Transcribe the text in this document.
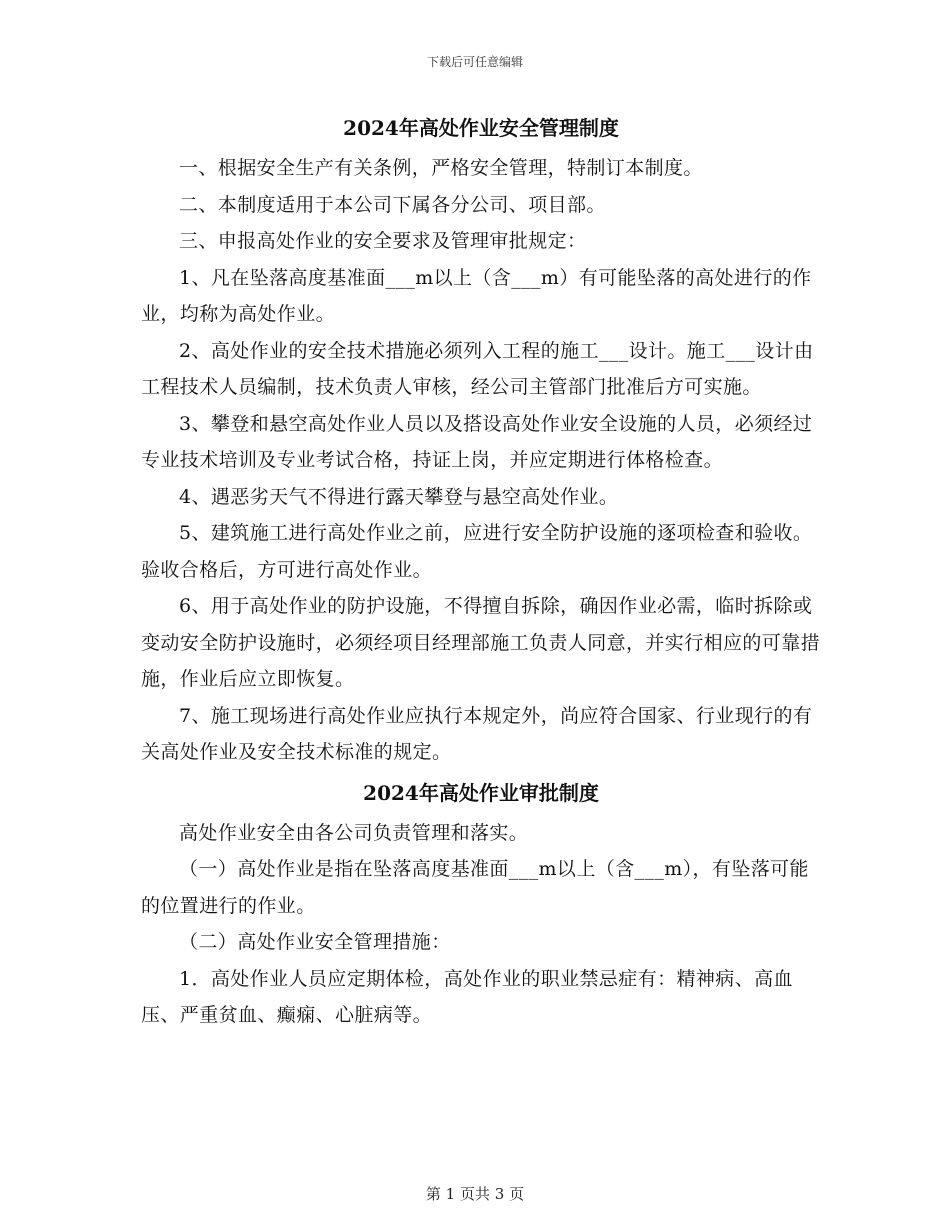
下载后可任意编辑
2024年高处作业安全管理制度

一、根据安全生产有关条例，严格安全管理，特制订本制度。

二、本制度适用于本公司下属各分公司、项目部。

三、申报高处作业的安全要求及管理审批规定：

1、凡在坠落高度基准面___m以上（含___m）有可能坠落的高处进行的作业，均称为高处作业。

2、高处作业的安全技术措施必须列入工程的施工___设计。施工___设计由工程技术人员编制，技术负责人审核，经公司主管部门批准后方可实施。

3、攀登和悬空高处作业人员以及搭设高处作业安全设施的人员，必须经过专业技术培训及专业考试合格，持证上岗，并应定期进行体格检查。

4、遇恶劣天气不得进行露天攀登与悬空高处作业。

5、建筑施工进行高处作业之前，应进行安全防护设施的逐项检查和验收。验收合格后，方可进行高处作业。

6、用于高处作业的防护设施，不得擅自拆除，确因作业必需，临时拆除或变动安全防护设施时，必须经项目经理部施工负责人同意，并实行相应的可靠措施，作业后应立即恢复。

7、施工现场进行高处作业应执行本规定外，尚应符合国家、行业现行的有关高处作业及安全技术标准的规定。

2024年高处作业审批制度

高处作业安全由各公司负责管理和落实。

（一）高处作业是指在坠落高度基准面___m以上（含___m），有坠落可能的位置进行的作业。

（二）高处作业安全管理措施：

1．高处作业人员应定期体检，高处作业的职业禁忌症有：精神病、高血压、严重贫血、癫痫、心脏病等。

第 1 页共 3 页
